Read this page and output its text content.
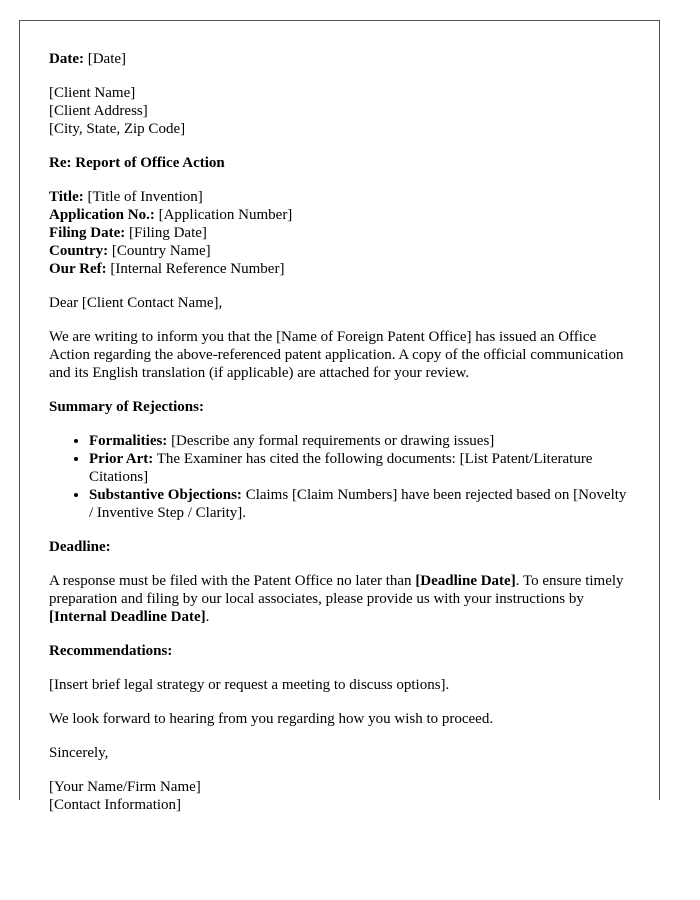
Date: [Date]

[Client Name]
[Client Address]
[City, State, Zip Code]

Re: Report of Office Action

Title: [Title of Invention]
Application No.: [Application Number]
Filing Date: [Filing Date]
Country: [Country Name]
Our Ref: [Internal Reference Number]

Dear [Client Contact Name],

We are writing to inform you that the [Name of Foreign Patent Office] has issued an Office Action regarding the above-referenced patent application. A copy of the official communication and its English translation (if applicable) are attached for your review.

Summary of Rejections:

• Formalities: [Describe any formal requirements or drawing issues]
• Prior Art: The Examiner has cited the following documents: [List Patent/Literature Citations]
• Substantive Objections: Claims [Claim Numbers] have been rejected based on [Novelty / Inventive Step / Clarity].

Deadline:

A response must be filed with the Patent Office no later than [Deadline Date]. To ensure timely preparation and filing by our local associates, please provide us with your instructions by [Internal Deadline Date].

Recommendations:

[Insert brief legal strategy or request a meeting to discuss options].

We look forward to hearing from you regarding how you wish to proceed.

Sincerely,

[Your Name/Firm Name]
[Contact Information]
